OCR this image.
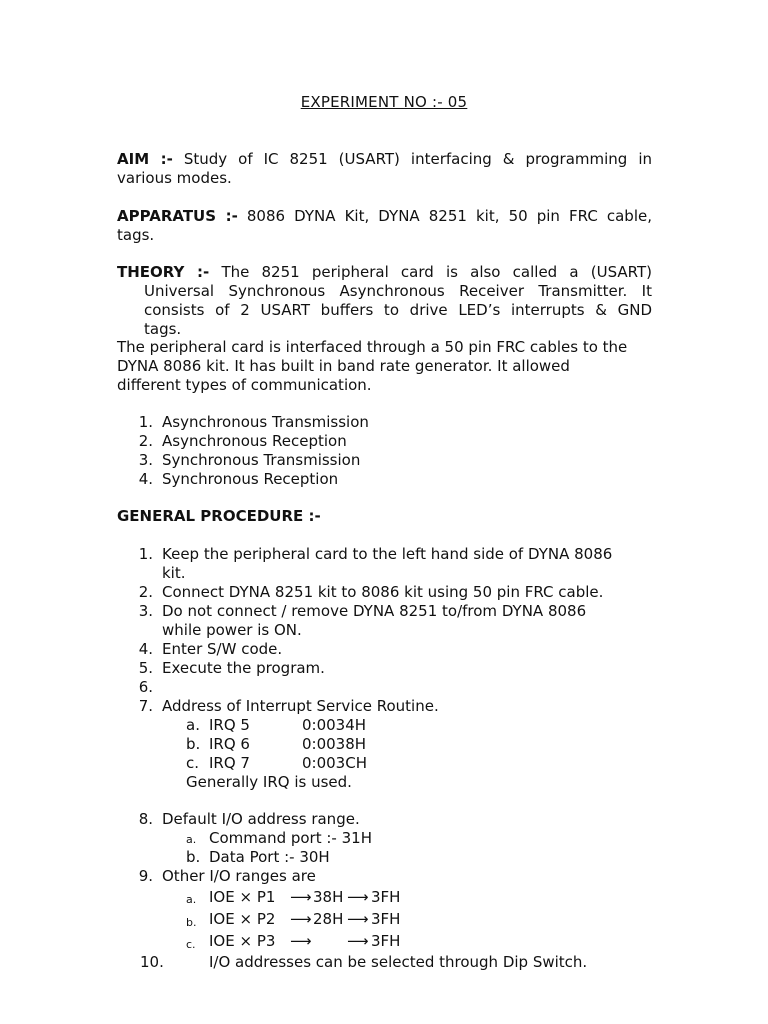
EXPERIMENT NO :- 05
AIM :- Study of IC 8251 (USART) interfacing & programming in
various modes.
APPARATUS :- 8086 DYNA Kit, DYNA 8251 kit, 50 pin FRC cable,
tags.
THEORY :- The 8251 peripheral card is also called a (USART)
Universal Synchronous Asynchronous Receiver Transmitter. It
consists of 2 USART buffers to drive LED’s interrupts & GND
tags.
The peripheral card is interfaced through a 50 pin FRC cables to the
DYNA 8086 kit. It has built in band rate generator. It allowed
different types of communication.
1. Asynchronous Transmission
2. Asynchronous Reception
3. Synchronous Transmission
4. Synchronous Reception
GENERAL PROCEDURE :-
1. Keep the peripheral card to the left hand side of DYNA 8086
kit.
2. Connect DYNA 8251 kit to 8086 kit using 50 pin FRC cable.
3. Do not connect / remove DYNA 8251 to/from DYNA 8086
while power is ON.
4. Enter S/W code.
5. Execute the program.
6.
7. Address of Interrupt Service Routine.
a. IRQ 5	0:0034H
b. IRQ 6	0:0038H
c. IRQ 7	0:003CH
Generally IRQ is used.
8. Default I/O address range.
a. Command port :- 31H
b. Data Port :- 30H
9. Other I/O ranges are
a. IOE × P1 ⟶ 38H ⟶ 3FH
b. IOE × P2 ⟶ 28H ⟶ 3FH
c. IOE × P3 ⟶ ⟶ 3FH
10.	I/O addresses can be selected through Dip Switch.
